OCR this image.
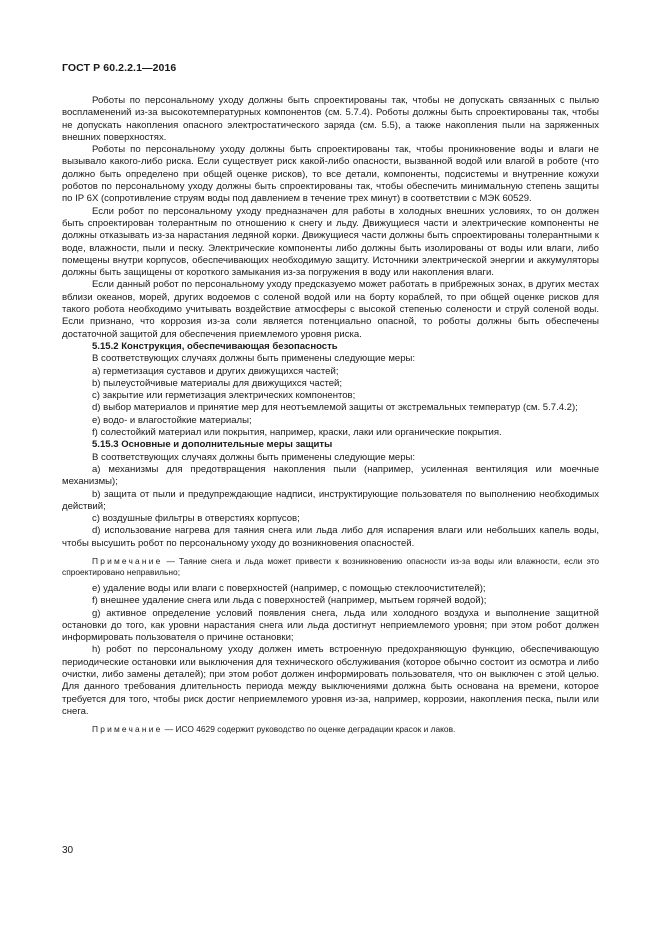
ГОСТ Р 60.2.2.1—2016

Роботы по персональному уходу должны быть спроектированы так, чтобы не допускать связанных с пылью воспламенений из-за высокотемпературных компонентов (см. 5.7.4). Роботы должны быть спроектированы так, чтобы не допускать накопления опасного электростатического заряда (см. 5.5), а также накопления пыли на заряженных внешних поверхностях.

Роботы по персональному уходу должны быть спроектированы так, чтобы проникновение воды и влаги не вызывало какого-либо риска. Если существует риск какой-либо опасности, вызванной водой или влагой в роботе (что должно быть определено при общей оценке рисков), то все детали, компоненты, подсистемы и внутренние кожухи роботов по персональному уходу должны быть спроектированы так, чтобы обеспечить минимальную степень защиты по IP 6X (сопротивление струям воды под давлением в течение трех минут) в соответствии с МЭК 60529.

Если робот по персональному уходу предназначен для работы в холодных внешних условиях, то он должен быть спроектирован толерантным по отношению к снегу и льду. Движущиеся части и электрические компоненты не должны отказывать из-за нарастания ледяной корки. Движущиеся части должны быть спроектированы толерантными к воде, влажности, пыли и песку. Электрические компоненты либо должны быть изолированы от воды или влаги, либо помещены внутри корпусов, обеспечивающих необходимую защиту. Источники электрической энергии и аккумуляторы должны быть защищены от короткого замыкания из-за погружения в воду или накопления влаги.

Если данный робот по персональному уходу предсказуемо может работать в прибрежных зонах, в других местах вблизи океанов, морей, других водоемов с соленой водой или на борту кораблей, то при общей оценке рисков для такого робота необходимо учитывать воздействие атмосферы с высокой степенью солености и струй соленой воды. Если признано, что коррозия из-за соли является потенциально опасной, то роботы должны быть обеспечены достаточной защитой для обеспечения приемлемого уровня риска.

5.15.2 Конструкция, обеспечивающая безопасность

В соответствующих случаях должны быть применены следующие меры:

a) герметизация суставов и других движущихся частей;

b) пылеустойчивые материалы для движущихся частей;

c) закрытие или герметизация электрических компонентов;

d) выбор материалов и принятие мер для неотъемлемой защиты от экстремальных температур (см. 5.7.4.2);

e) водо- и влагостойкие материалы;

f) солестойкий материал или покрытия, например, краски, лаки или органические покрытия.

5.15.3 Основные и дополнительные меры защиты

В соответствующих случаях должны быть применены следующие меры:

a) механизмы для предотвращения накопления пыли (например, усиленная вентиляция или моечные механизмы);

b) защита от пыли и предупреждающие надписи, инструктирующие пользователя по выполнению необходимых действий;

c) воздушные фильтры в отверстиях корпусов;

d) использование нагрева для таяния снега или льда либо для испарения влаги или небольших капель воды, чтобы высушить робот по персональному уходу до возникновения опасностей.

Примечание — Таяние снега и льда может привести к возникновению опасности из-за воды или влажности, если это спроектировано неправильно;

e) удаление воды или влаги с поверхностей (например, с помощью стеклоочистителей);

f) внешнее удаление снега или льда с поверхностей (например, мытьем горячей водой);

g) активное определение условий появления снега, льда или холодного воздуха и выполнение защитной остановки до того, как уровни нарастания снега или льда достигнут неприемлемого уровня; при этом робот должен информировать пользователя о причине остановки;

h) робот по персональному уходу должен иметь встроенную предохраняющую функцию, обеспечивающую периодические остановки или выключения для технического обслуживания (которое обычно состоит из осмотра и либо очистки, либо замены деталей); при этом робот должен информировать пользователя, что он выключен с этой целью. Для данного требования длительность периода между выключениями должна быть основана на времени, которое требуется для того, чтобы риск достиг неприемлемого уровня из-за, например, коррозии, накопления песка, пыли или снега.

Примечание — ИСО 4629 содержит руководство по оценке деградации красок и лаков.

30
